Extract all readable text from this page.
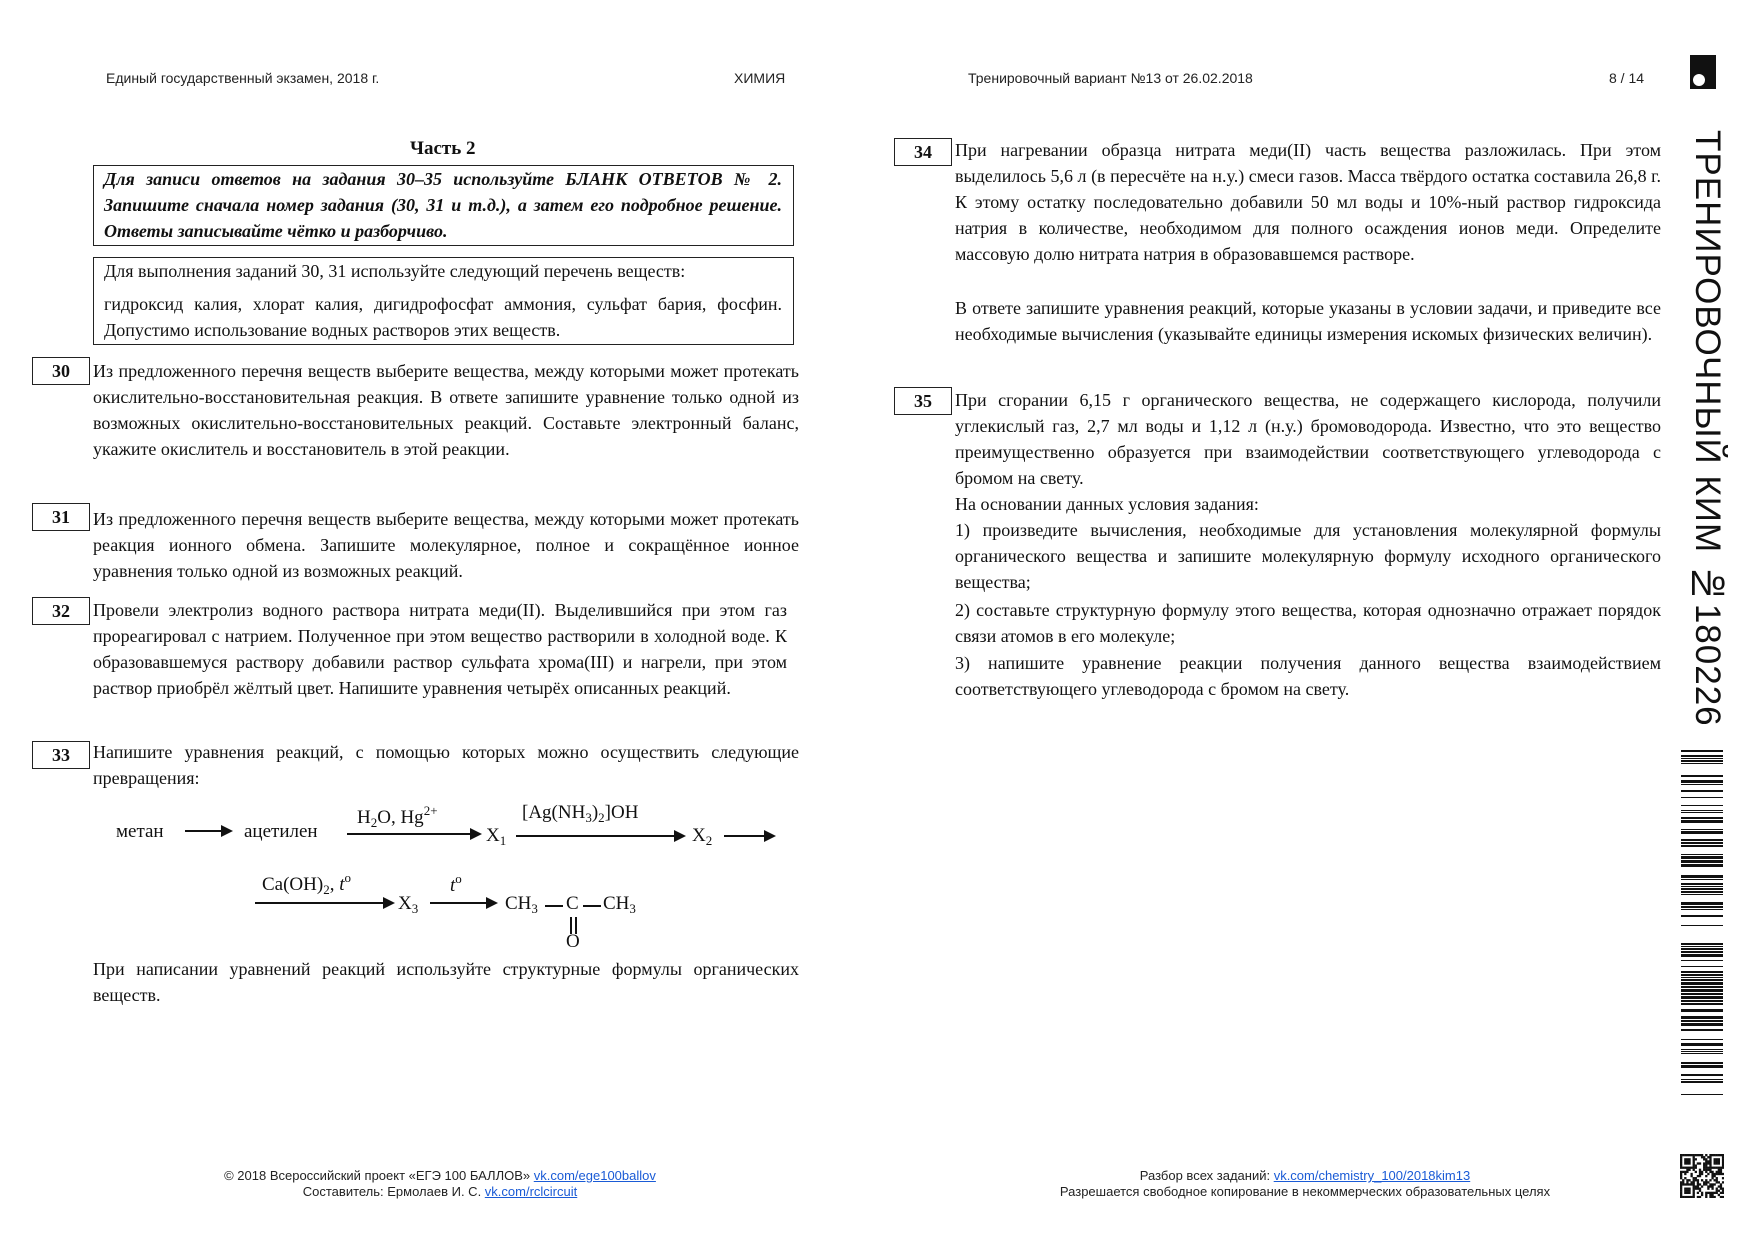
Единый государственный экзамен, 2018 г.	ХИМИЯ	Тренировочный вариант №13 от 26.02.2018	8 / 14
ТРЕНИРОВОЧНЫЙ КИМ №180226
Часть 2
Для записи ответов на задания 30–35 используйте БЛАНК ОТВЕТОВ № 2. Запишите сначала номер задания (30, 31 и т.д.), а затем его подробное решение. Ответы записывайте чётко и разборчиво.
Для выполнения заданий 30, 31 используйте следующий перечень веществ:
гидроксид калия, хлорат калия, дигидрофосфат аммония, сульфат бария, фосфин. Допустимо использование водных растворов этих веществ.
30	Из предложенного перечня веществ выберите вещества, между которыми может протекать окислительно-восстановительная реакция. В ответе запишите уравнение только одной из возможных окислительно-восстановительных реакций. Составьте электронный баланс, укажите окислитель и восстановитель в этой реакции.
31	Из предложенного перечня веществ выберите вещества, между которыми может протекать реакция ионного обмена. Запишите молекулярное, полное и сокращённое ионное уравнения только одной из возможных реакций.
32	Провели электролиз водного раствора нитрата меди(II). Выделившийся при этом газ прореагировал с натрием. Полученное при этом вещество растворили в холодной воде. К образовавшемуся раствору добавили раствор сульфата хрома(III) и нагрели, при этом раствор приобрёл жёлтый цвет. Напишите уравнения четырёх описанных реакций.
33	Напишите уравнения реакций, с помощью которых можно осуществить следующие превращения:
метан	ацетилен
$H_2O$, $Hg^{2+}$
$X_1$
$[Ag(NH_3)_2]OH$
$X_2$
$Ca(OH)_2$, $t^o$
$X_3$
$t^o$
$CH_3$ C $CH_3$
O
При написании уравнений реакций используйте структурные формулы органических веществ.
34	При нагревании образца нитрата меди(II) часть вещества разложилась. При этом выделилось 5,6 л (в пересчёте на н.у.) смеси газов. Масса твёрдого остатка составила 26,8 г. К этому остатку последовательно добавили 50 мл воды и 10%-ный раствор гидроксида натрия в количестве, необходимом для полного осаждения ионов меди. Определите массовую долю нитрата натрия в образовавшемся растворе.
В ответе запишите уравнения реакций, которые указаны в условии задачи, и приведите все необходимые вычисления (указывайте единицы измерения искомых физических величин).
35	При сгорании 6,15 г органического вещества, не содержащего кислорода, получили углекислый газ, 2,7 мл воды и 1,12 л (н.у.) бромоводорода. Известно, что это вещество преимущественно образуется при взаимодействии соответствующего углеводорода с бромом на свету.
На основании данных условия задания:
1) произведите вычисления, необходимые для установления молекулярной формулы органического вещества и запишите молекулярную формулу исходного органического вещества;
2) составьте структурную формулу этого вещества, которая однозначно отражает порядок связи атомов в его молекуле;
3) напишите уравнение реакции получения данного вещества взаимодействием соответствующего углеводорода с бромом на свету.
© 2018 Всероссийский проект «ЕГЭ 100 БАЛЛОВ» vk.com/ege100ballov
Составитель: Ермолаев И. С. vk.com/rclcircuit
Разбор всех заданий: vk.com/chemistry_100/2018kim13
Разрешается свободное копирование в некоммерческих образовательных целях
